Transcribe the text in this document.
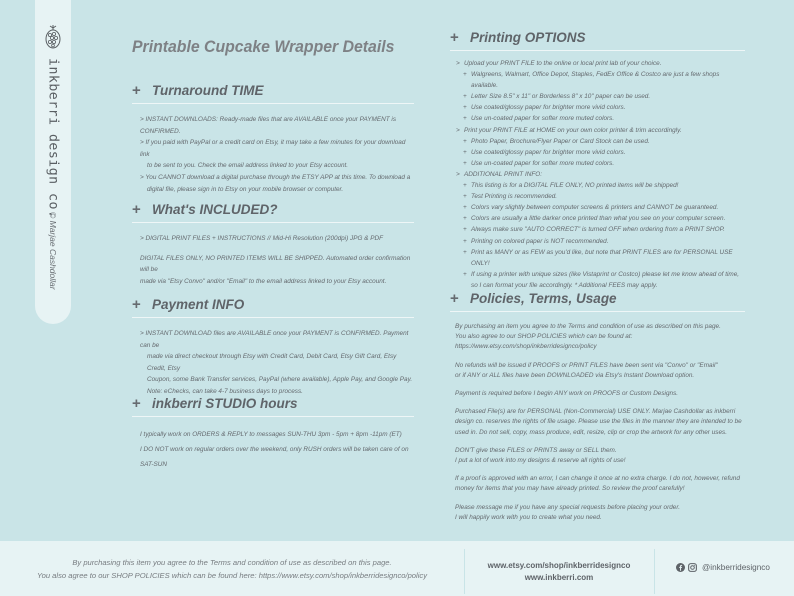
inkberri design co.
© Marjae Cashdollar
Printable Cupcake Wrapper Details
+ Turnaround TIME

> INSTANT DOWNLOADS: Ready-made files that are AVAILABLE once your PAYMENT is CONFIRMED.

> If you paid with PayPal or a credit card on Etsy, it may take a few minutes for your download link

to be sent to you. Check the email address linked to your Etsy account.

> You CANNOT download a digital purchase through the ETSY APP at this time. To download a

digital file, please sign in to Etsy on your mobile browser or computer.

+ What's INCLUDED?

> DIGITAL PRINT FILES + INSTRUCTIONS // Mid-Hi Resolution (200dpi) JPG & PDF

DIGITAL FILES ONLY, NO PRINTED ITEMS WILL BE SHIPPED. Automated order confirmation will be

made via "Etsy Convo" and/or "Email" to the email address linked to your Etsy account.

+ Payment INFO

> INSTANT DOWNLOAD files are AVAILABLE once your PAYMENT is CONFIRMED. Payment can be

made via direct checkout through Etsy with Credit Card, Debit Card, Etsy Gift Card, Etsy Credit, Etsy

Coupon, some Bank Transfer services, PayPal (where available), Apple Pay, and Google Pay.

Note: eChecks, can take 4-7 business days to process.

+ inkberri STUDIO hours

I typically work on ORDERS & REPLY to messages SUN-THU 3pm - 5pm + 8pm -11pm (ET)

I DO NOT work on regular orders over the weekend, only RUSH orders will be taken care of on SAT-SUN

+ Printing OPTIONS
> Upload your PRINT FILE to the online or local print lab of your choice.
+ Walgreens, Walmart, Office Depot, Staples, FedEx Office & Costco are just a few shops available.
+ Letter Size 8.5" x 11" or Borderless 8" x 10" paper can be used.
+ Use coated/glossy paper for brighter more vivid colors.
+ Use un-coated paper for softer more muted colors.
> Print your PRINT FILE at HOME on your own color printer & trim accordingly.
+ Photo Paper, Brochure/Flyer Paper or Card Stock can be used.
+ Use coated/glossy paper for brighter more vivid colors.
+ Use un-coated paper for softer more muted colors.
> ADDITIONAL PRINT INFO:
+ This listing is for a DIGITAL FILE ONLY, NO printed items will be shipped!
+ Test Printing is recommended.
+ Colors vary slightly between computer screens & printers and CANNOT be guaranteed.
+ Colors are usually a little darker once printed than what you see on your computer screen.
+ Always make sure "AUTO CORRECT" is turned OFF when ordering from a PRINT SHOP.
+ Printing on colored paper is NOT recommended.
+ Print as MANY or as FEW as you'd like, but note that PRINT FILES are for PERSONAL USE ONLY!
+ If using a printer with unique sizes (like Vistaprint or Costco) please let me know ahead of time,
so I can format your file accordingly. * Additional FEES may apply.
+ Policies, Terms, Usage
By purchasing an item you agree to the Terms and condition of use as described on this page.
You also agree to our SHOP POLICIES which can be found at:
https://www.etsy.com/shop/inkberridesignco/policy
No refunds will be issued if PROOFS or PRINT FILES have been sent via "Convo" or "Email"
or if ANY or ALL files have been DOWNLOADED via Etsy's Instant Download option.
Payment is required before I begin ANY work on PROOFS or Custom Designs.
Purchased File(s) are for PERSONAL (Non-Commercial) USE ONLY. Marjae Cashdollar as inkberri
design co. reserves the rights of file usage. Please use the files in the manner they are intended to be
used in. Do not sell, copy, mass produce, edit, resize, clip or crop the artwork for any other uses.
DON'T give these FILES or PRINTS away or SELL them.
I put a lot of work into my designs & reserve all rights of use!
If a proof is approved with an error, I can change it once at no extra charge. I do not, however, refund
money for items that you may have already printed. So review the proof carefully!
Please message me if you have any special requests before placing your order.
I will happily work with you to create what you need.
By purchasing this item you agree to the Terms and condition of use as described on this page.
You also agree to our SHOP POLICIES which can be found here: https://www.etsy.com/shop/inkberridesignco/policy
www.etsy.com/shop/inkberridesignco
www.inkberri.com
@inkberridesignco
